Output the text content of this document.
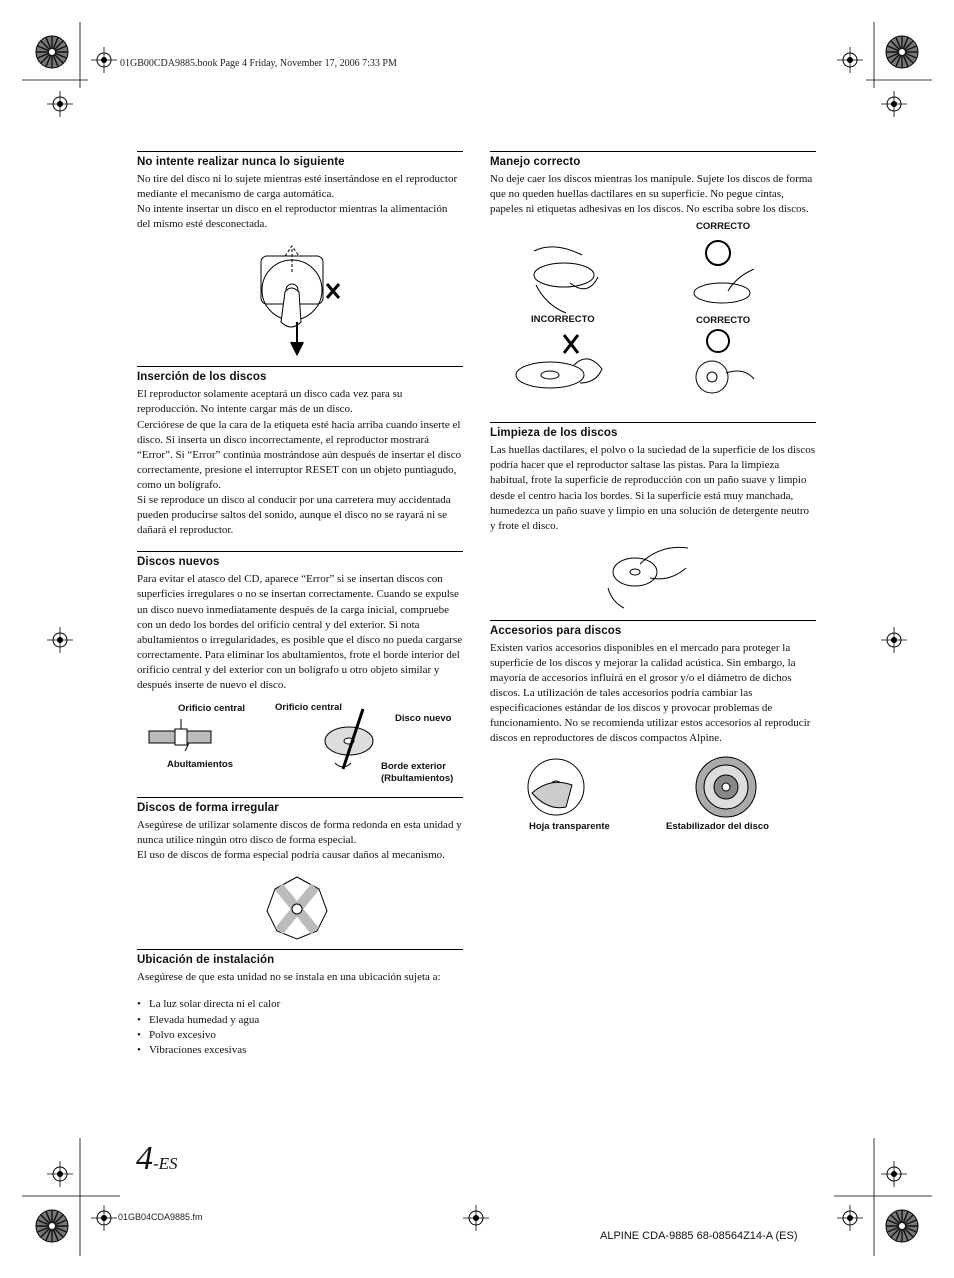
01GB00CDA9885.book Page 4 Friday, November 17, 2006 7:33 PM
No intente realizar nunca lo siguiente

No tire del disco ni lo sujete mientras esté insertándose en el reproductor mediante el mecanismo de carga automática.

No intente insertar un disco en el reproductor mientras la alimentación del mismo esté desconectada.

Inserción de los discos

El reproductor solamente aceptará un disco cada vez para su reproducción. No intente cargar más de un disco.

Cerciórese de que la cara de la etiqueta esté hacia arriba cuando inserte el disco. Si inserta un disco incorrectamente, el reproductor mostrará “Error”. Si “Error” continúa mostrándose aún después de insertar el disco correctamente, presione el interruptor RESET con un objeto puntiagudo, como un bolígrafo.

Si se reproduce un disco al conducir por una carretera muy accidentada pueden producirse saltos del sonido, aunque el disco no se rayará ni se dañará el reproductor.

Discos nuevos

Para evitar el atasco del CD, aparece “Error” si se insertan discos con superficies irregulares o no se insertan correctamente. Cuando se expulse un disco nuevo inmediatamente después de la carga inicial, compruebe con un dedo los bordes del orificio central y del exterior. Si nota abultamientos o irregularidades, es posible que el disco no pueda cargarse correctamente. Para eliminar los abultamientos, frote el borde interior del orificio central y del exterior con un bolígrafo u otro objeto similar y después inserte de nuevo el disco.

Orificio central
Abultamientos
Orificio central
Disco nuevo
Borde exterior
(Rbultamientos)
Discos de forma irregular

Asegúrese de utilizar solamente discos de forma redonda en esta unidad y nunca utilice ningún otro disco de forma especial.

El uso de discos de forma especial podría causar daños al mecanismo.

Ubicación de instalación

Asegúrese de que esta unidad no se instala en una ubicación sujeta a:

• La luz solar directa ni el calor
• Elevada humedad y agua
• Polvo excesivo
• Vibraciones excesivas
Manejo correcto

No deje caer los discos mientras los manipule. Sujete los discos de forma que no queden huellas dactilares en su superficie. No pegue cintas, papeles ni etiquetas adhesivas en los discos. No escriba sobre los discos.

CORRECTO
INCORRECTO	CORRECTO
Limpieza de los discos

Las huellas dactilares, el polvo o la suciedad de la superficie de los discos podría hacer que el reproductor saltase las pistas. Para la limpieza habitual, frote la superficie de reproducción con un paño suave y limpio desde el centro hacia los bordes. Si la superficie está muy manchada, humedezca un paño suave y limpio en una solución de detergente neutro y frote el disco.

Accesorios para discos

Existen varios accesorios disponibles en el mercado para proteger la superficie de los discos y mejorar la calidad acústica. Sin embargo, la mayoría de accesorios influirá en el grosor y/o el diámetro de dichos discos. La utilización de tales accesorios podría cambiar las especificaciones estándar de los discos y provocar problemas de funcionamiento. No se recomienda utilizar estos accesorios al reproducir discos en reproductores de discos compactos Alpine.

Hoja transparente	Estabilizador del disco
4-ES
01GB04CDA9885.fm
ALPINE CDA-9885 68-08564Z14-A (ES)
